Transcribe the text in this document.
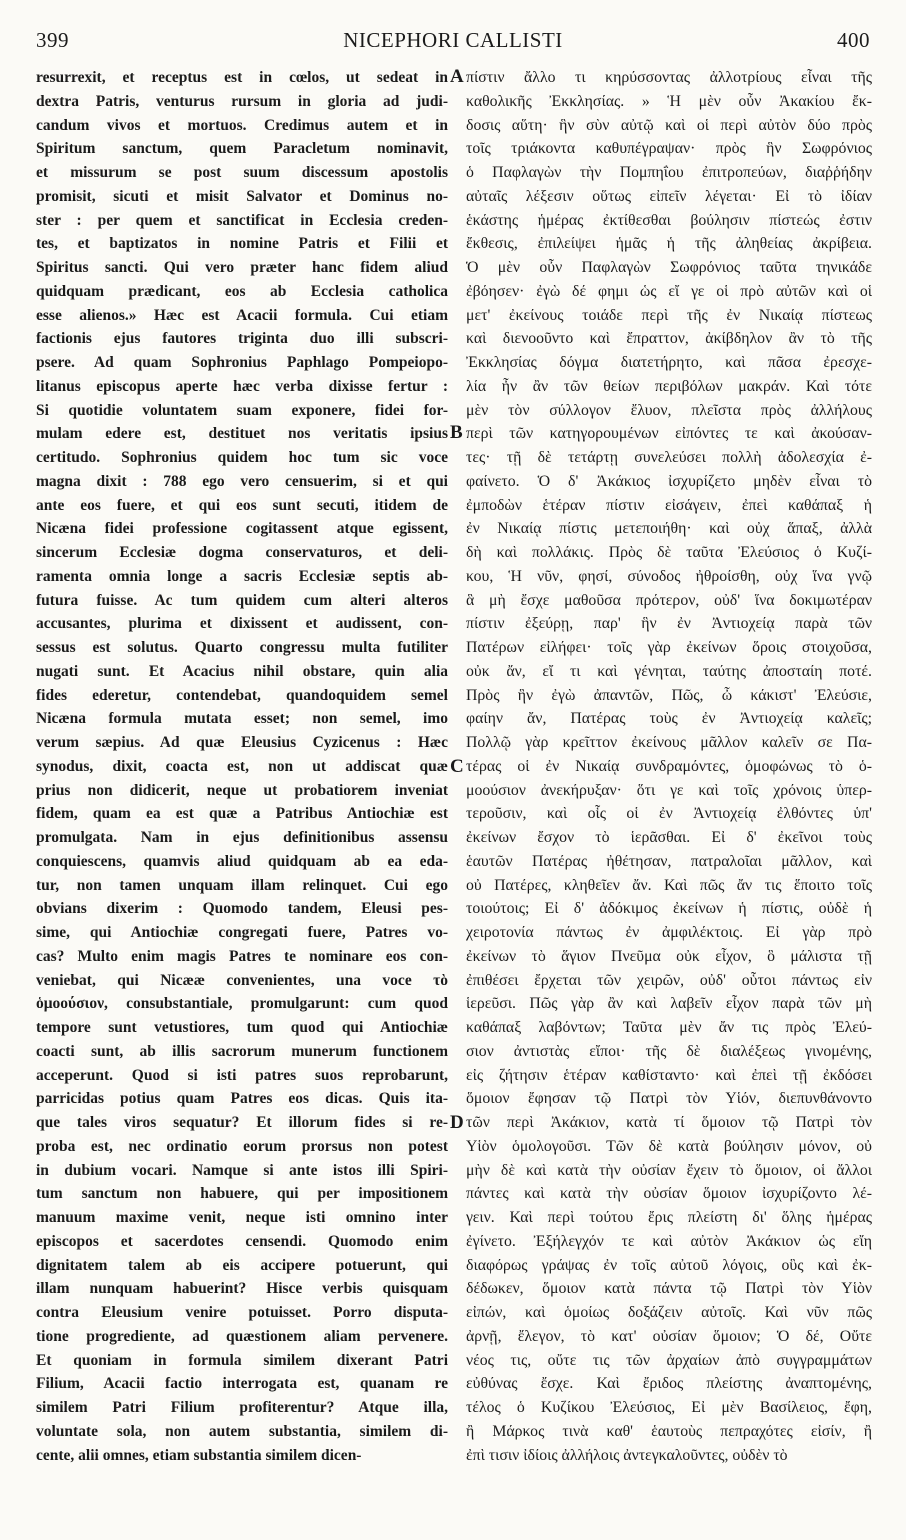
399	NICEPHORI CALLISTI	400
resurrexit, et receptus est in cœlos, ut sedeat in
dextra Patris, venturus rursum in gloria ad judi-
candum vivos et mortuos. Credimus autem et in
Spiritum sanctum, quem Paracletum nominavit,
et missurum se post suum discessum apostolis
promisit, sicuti et misit Salvator et Dominus no-
ster : per quem et sanctificat in Ecclesia creden-
tes, et baptizatos in nomine Patris et Filii et
Spiritus sancti. Qui vero præter hanc fidem aliud
quidquam prædicant, eos ab Ecclesia catholica
esse alienos.» Hæc est Acacii formula. Cui etiam
factionis ejus fautores triginta duo illi subscri-
psere. Ad quam Sophronius Paphlago Pompeiopo-
litanus episcopus aperte hæc verba dixisse fertur :
Si quotidie voluntatem suam exponere, fidei for-
mulam edere est, destituet nos veritatis ipsius
certitudo. Sophronius quidem hoc tum sic voce
magna dixit : 788 ego vero censuerim, si et qui
ante eos fuere, et qui eos sunt secuti, itidem de
Nicæna fidei professione cogitassent atque egissent,
sincerum Ecclesiæ dogma conservaturos, et deli-
ramenta omnia longe a sacris Ecclesiæ septis ab-
futura fuisse. Ac tum quidem cum alteri alteros
accusantes, plurima et dixissent et audissent, con-
sessus est solutus. Quarto congressu multa futiliter
nugati sunt. Et Acacius nihil obstare, quin alia
fides ederetur, contendebat, quandoquidem semel
Nicæna formula mutata esset; non semel, imo
verum sæpius. Ad quæ Eleusius Cyzicenus : Hæc
synodus, dixit, coacta est, non ut addiscat quæ
prius non didicerit, neque ut probatiorem inveniat
fidem, quam ea est quæ a Patribus Antiochiæ est
promulgata. Nam in ejus definitionibus assensu
conquiescens, quamvis aliud quidquam ab ea eda-
tur, non tamen unquam illam relinquet. Cui ego
obvians dixerim : Quomodo tandem, Eleusi pes-
sime, qui Antiochiæ congregati fuere, Patres vo-
cas? Multo enim magis Patres te nominare eos con-
veniebat, qui Nicææ convenientes, una voce τὸ
ὁμοούσιον, consubstantiale, promulgarunt: cum quod
tempore sunt vetustiores, tum quod qui Antiochiæ
coacti sunt, ab illis sacrorum munerum functionem
acceperunt. Quod si isti patres suos reprobarunt,
parricidas potius quam Patres eos dicas. Quis ita-
que tales viros sequatur? Et illorum fides si re-
proba est, nec ordinatio eorum prorsus non potest
in dubium vocari. Namque si ante istos illi Spiri-
tum sanctum non habuere, qui per impositionem
manuum maxime venit, neque isti omnino inter
episcopos et sacerdotes censendi. Quomodo enim
dignitatem talem ab eis accipere potuerunt, qui
illam nunquam habuerint? Hisce verbis quisquam
contra Eleusium venire potuisset. Porro disputa-
tione progrediente, ad quæstionem aliam pervenere.
Et quoniam in formula similem dixerant Patri
Filium, Acacii factio interrogata est, quanam re
similem Patri Filium profiterentur? Atque illa,
voluntate sola, non autem substantia, similem di-
cente, alii omnes, etiam substantia similem dicen-
πίστιν ἄλλο τι κηρύσσοντας ἀλλοτρίους εἶναι τῆς
καθολικῆς Ἐκκλησίας. » Ἡ μὲν οὖν Ἀκακίου ἔκ-
δοσις αὕτη· ἣν σὺν αὐτῷ καὶ οἱ περὶ αὐτὸν δύο πρὸς
τοῖς τριάκοντα καθυπέγραψαν· πρὸς ἣν Σωφρόνιος
ὁ Παφλαγὼν τὴν Πομπηΐου ἐπιτροπεύων, διαῤῥήδην
αὐταῖς λέξεσιν οὕτως εἰπεῖν λέγεται· Εἰ τὸ ἰδίαν
ἑκάστης ἡμέρας ἐκτίθεσθαι βούλησιν πίστεώς ἐστιν
ἔκθεσις, ἐπιλείψει ἡμᾶς ἡ τῆς ἀληθείας ἀκρίβεια.
Ὁ μὲν οὖν Παφλαγὼν Σωφρόνιος ταῦτα τηνικάδε
ἐβόησεν· ἐγὼ δέ φημι ὡς εἴ γε οἱ πρὸ αὐτῶν καὶ οἱ
μετ' ἐκείνους τοιάδε περὶ τῆς ἐν Νικαίᾳ πίστεως
καὶ διενοοῦντο καὶ ἔπραττον, ἀκίβδηλον ἂν τὸ τῆς
Ἐκκλησίας δόγμα διατετήρητο, καὶ πᾶσα ἐρεσχε-
λία ἦν ἂν τῶν θείων περιβόλων μακράν. Καὶ τότε
μὲν τὸν σύλλογον ἔλυον, πλεῖστα πρὸς ἀλλήλους
περὶ τῶν κατηγορουμένων εἰπόντες τε καὶ ἀκούσαν-
τες· τῇ δὲ τετάρτῃ συνελεύσει πολλὴ ἀδολεσχία ἐ-
φαίνετο. Ὁ δ' Ἀκάκιος ἰσχυρίζετο μηδὲν εἶναι τὸ
ἐμποδὼν ἑτέραν πίστιν εἰσάγειν, ἐπεὶ καθάπαξ ἡ
ἐν Νικαίᾳ πίστις μετεποιήθη· καὶ οὐχ ἅπαξ, ἀλλὰ
δὴ καὶ πολλάκις. Πρὸς δὲ ταῦτα Ἐλεύσιος ὁ Κυζί-
κου, Ἡ νῦν, φησί, σύνοδος ἠθροίσθη, οὐχ ἵνα γνῷ
ἃ μὴ ἔσχε μαθοῦσα πρότερον, οὐδ' ἵνα δοκιμωτέραν
πίστιν ἐξεύρῃ, παρ' ἣν ἐν Ἀντιοχείᾳ παρὰ τῶν
Πατέρων εἰλήφει· τοῖς γὰρ ἐκείνων ὅροις στοιχοῦσα,
οὐκ ἄν, εἴ τι καὶ γένηται, ταύτης ἀποσταίη ποτέ.
Πρὸς ἣν ἐγὼ ἀπαντῶν, Πῶς, ὦ κάκιστ' Ἐλεύσιε,
φαίην ἄν, Πατέρας τοὺς ἐν Ἀντιοχείᾳ καλεῖς;
Πολλῷ γὰρ κρεῖττον ἐκείνους μᾶλλον καλεῖν σε Πα-
τέρας οἱ ἐν Νικαίᾳ συνδραμόντες, ὁμοφώνως τὸ ὁ-
μοούσιον ἀνεκήρυξαν· ὅτι γε καὶ τοῖς χρόνοις ὑπερ-
τεροῦσιν, καὶ οἷς οἱ ἐν Ἀντιοχείᾳ ἐλθόντες ὑπ'
ἐκείνων ἔσχον τὸ ἱερᾶσθαι. Εἰ δ' ἐκεῖνοι τοὺς
ἑαυτῶν Πατέρας ἠθέτησαν, πατραλοῖαι μᾶλλον, καὶ
οὐ Πατέρες, κληθεῖεν ἄν. Καὶ πῶς ἄν τις ἕποιτο τοῖς
τοιούτοις; Εἰ δ' ἀδόκιμος ἐκείνων ἡ πίστις, οὐδὲ ἡ
χειροτονία πάντως ἐν ἀμφιλέκτοις. Εἰ γὰρ πρὸ
ἐκείνων τὸ ἅγιον Πνεῦμα οὐκ εἶχον, ὃ μάλιστα τῇ
ἐπιθέσει ἔρχεται τῶν χειρῶν, οὐδ' οὗτοι πάντως εἰν
ἱερεῦσι. Πῶς γὰρ ἂν καὶ λαβεῖν εἶχον παρὰ τῶν μὴ
καθάπαξ λαβόντων; Ταῦτα μὲν ἄν τις πρὸς Ἐλεύ-
σιον ἀντιστὰς εἴποι· τῆς δὲ διαλέξεως γινομένης,
εἰς ζήτησιν ἑτέραν καθίσταντο· καὶ ἐπεὶ τῇ ἐκδόσει
ὅμοιον ἔφησαν τῷ Πατρὶ τὸν Υἱόν, διεπυνθάνοντο
τῶν περὶ Ἀκάκιον, κατὰ τί ὅμοιον τῷ Πατρὶ τὸν
Υἱὸν ὁμολογοῦσι. Τῶν δὲ κατὰ βούλησιν μόνον, οὐ
μὴν δὲ καὶ κατὰ τὴν οὐσίαν ἔχειν τὸ ὅμοιον, οἱ ἄλλοι
πάντες καὶ κατὰ τὴν οὐσίαν ὅμοιον ἰσχυρίζοντο λέ-
γειν. Καὶ περὶ τούτου ἔρις πλείστη δι' ὅλης ἡμέρας
ἐγίνετο. Ἐξήλεγχόν τε καὶ αὐτὸν Ἀκάκιον ὡς εἴη
διαφόρως γράψας ἐν τοῖς αὐτοῦ λόγοις, οὓς καὶ ἐκ-
δέδωκεν, ὅμοιον κατὰ πάντα τῷ Πατρὶ τὸν Υἱὸν
εἰπών, καὶ ὁμοίως δοξάζειν αὐτοῖς. Καὶ νῦν πῶς
ἀρνῇ, ἔλεγον, τὸ κατ' οὐσίαν ὅμοιον; Ὁ δέ, Οὔτε
νέος τις, οὔτε τις τῶν ἀρχαίων ἀπὸ συγγραμμάτων
εὐθύνας ἔσχε. Καὶ ἔριδος πλείστης ἀναπτομένης,
τέλος ὁ Κυζίκου Ἐλεύσιος, Εἰ μὲν Βασίλειος, ἔφη,
ἢ Μάρκος τινὰ καθ' ἑαυτοὺς πεπραχότες εἰσίν, ἢ
ἐπὶ τισιν ἰδίοις ἀλλήλοις ἀντεγκαλοῦντες, οὐδὲν τὸ
A
B
C
D
